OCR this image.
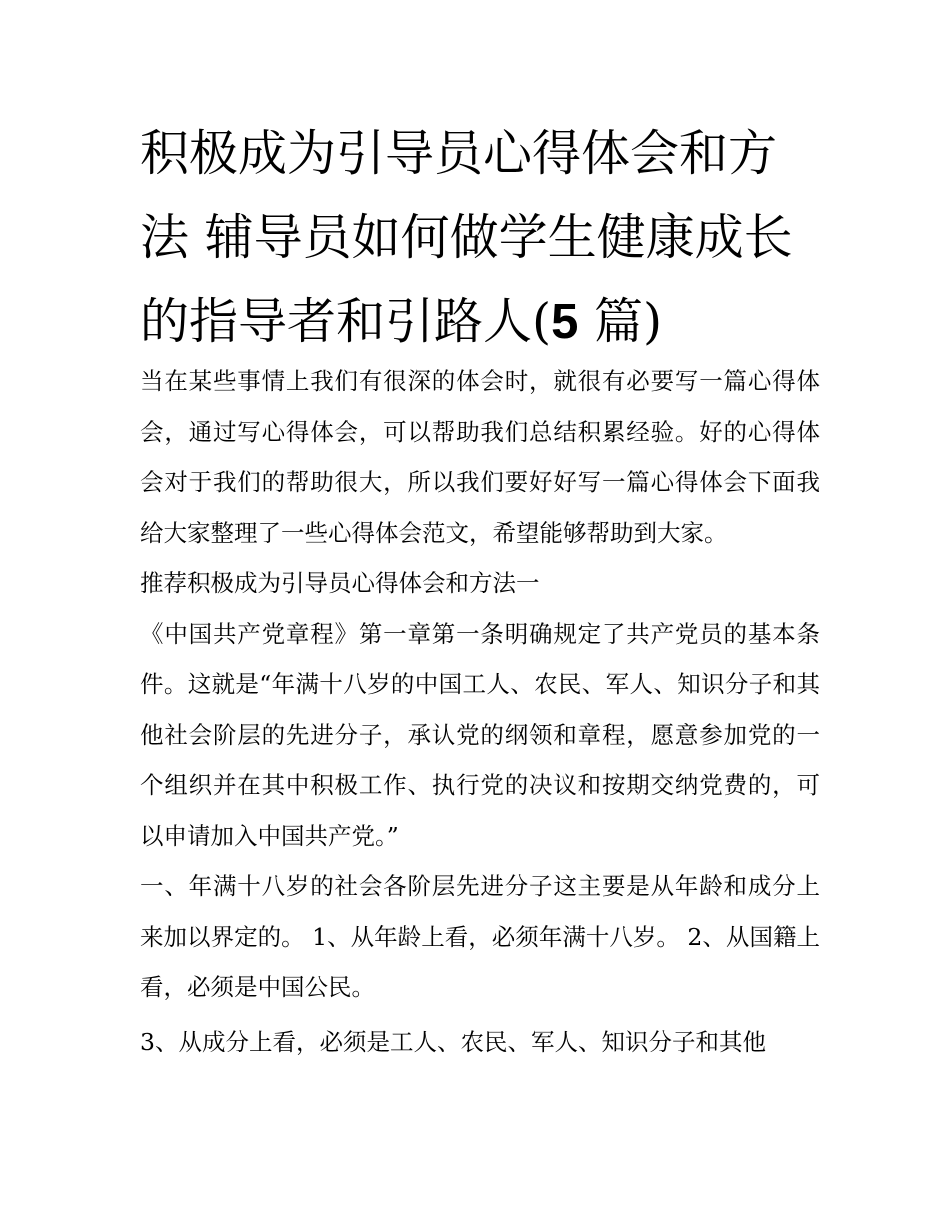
积极成为引导员心得体会和方法 辅导员如何做学生健康成长的指导者和引路人(5 篇)

当在某些事情上我们有很深的体会时，就很有必要写一篇心得体会，通过写心得体会，可以帮助我们总结积累经验。好的心得体会对于我们的帮助很大，所以我们要好好写一篇心得体会下面我给大家整理了一些心得体会范文，希望能够帮助到大家。

推荐积极成为引导员心得体会和方法一

《中国共产党章程》第一章第一条明确规定了共产党员的基本条件。这就是“年满十八岁的中国工人、农民、军人、知识分子和其他社会阶层的先进分子，承认党的纲领和章程，愿意参加党的一个组织并在其中积极工作、执行党的决议和按期交纳党费的，可以申请加入中国共产党。”

一、年满十八岁的社会各阶层先进分子这主要是从年龄和成分上来加以界定的。 1、从年龄上看，必须年满十八岁。 2、从国籍上看，必须是中国公民。

3、从成分上看，必须是工人、农民、军人、知识分子和其他
